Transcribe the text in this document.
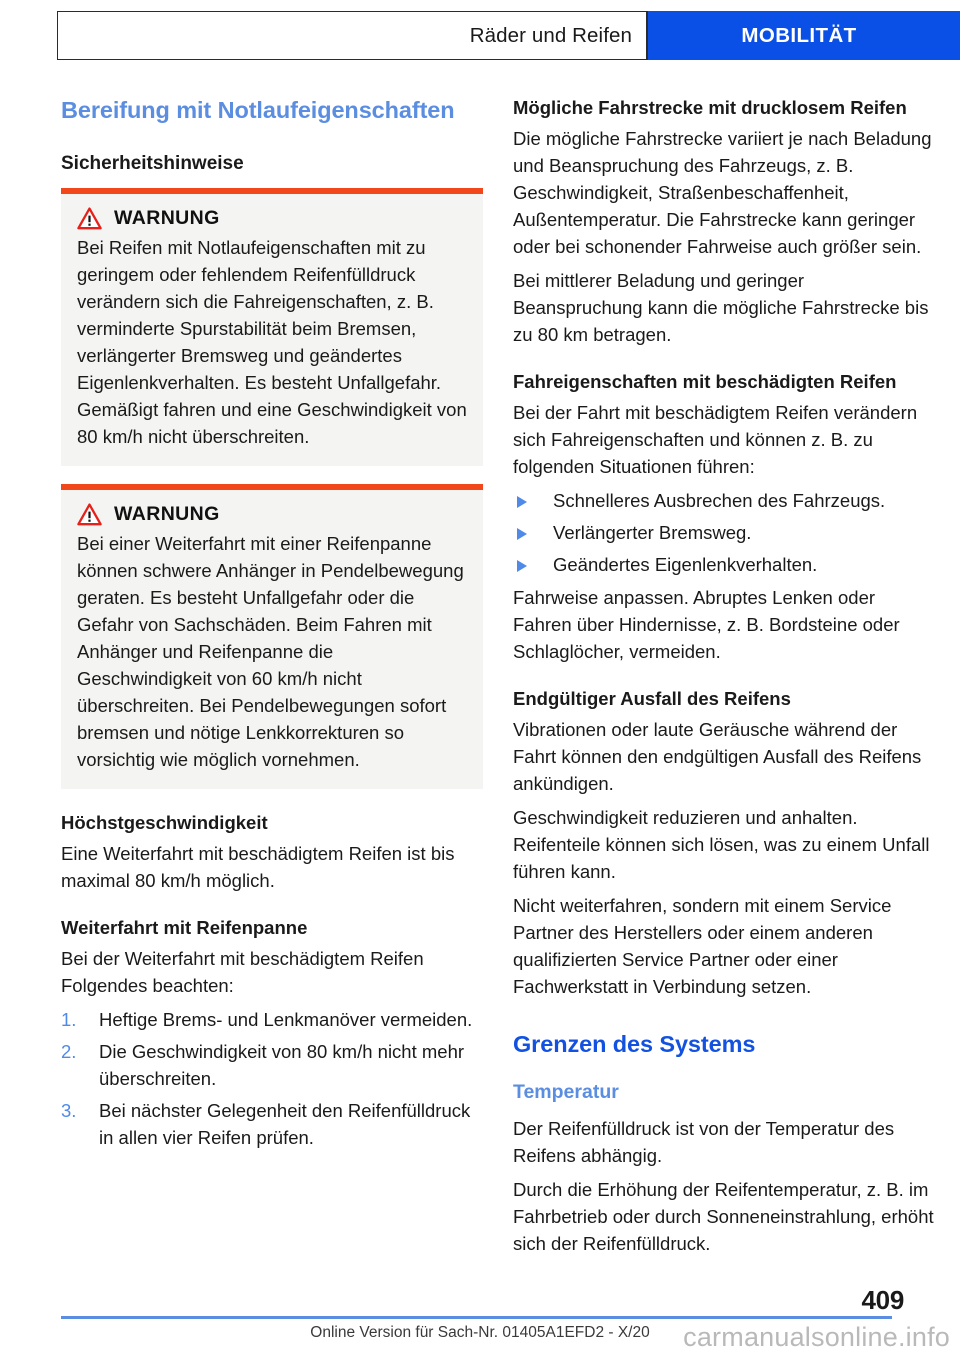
Räder und Reifen	MOBILITÄT
Bereifung mit Notlaufeigenschaften
Sicherheitshinweise
WARNUNG

Bei Reifen mit Notlaufeigenschaften mit zu geringem oder fehlendem Reifenfülldruck verändern sich die Fahreigenschaften, z. B. verminderte Spurstabilität beim Bremsen, verlängerter Bremsweg und geändertes Eigenlenkverhalten. Es besteht Unfallgefahr. Gemäßigt fahren und eine Geschwindigkeit von 80 km/h nicht überschreiten.

WARNUNG

Bei einer Weiterfahrt mit einer Reifenpanne können schwere Anhänger in Pendelbewegung geraten. Es besteht Unfallgefahr oder die Gefahr von Sachschäden. Beim Fahren mit Anhänger und Reifenpanne die Geschwindigkeit von 60 km/h nicht überschreiten. Bei Pendelbewegungen sofort bremsen und nötige Lenkkorrekturen so vorsichtig wie möglich vornehmen.

Höchstgeschwindigkeit

Eine Weiterfahrt mit beschädigtem Reifen ist bis maximal 80 km/h möglich.

Weiterfahrt mit Reifenpanne

Bei der Weiterfahrt mit beschädigtem Reifen Folgendes beachten:

Heftige Brems- und Lenkmanöver vermeiden.
Die Geschwindigkeit von 80 km/h nicht mehr überschreiten.
Bei nächster Gelegenheit den Reifenfülldruck in allen vier Reifen prüfen.
Mögliche Fahrstrecke mit drucklosem Reifen

Die mögliche Fahrstrecke variiert je nach Beladung und Beanspruchung des Fahrzeugs, z. B. Geschwindigkeit, Straßenbeschaffenheit, Außentemperatur. Die Fahrstrecke kann geringer oder bei schonender Fahrweise auch größer sein.

Bei mittlerer Beladung und geringer Beanspruchung kann die mögliche Fahrstrecke bis zu 80 km betragen.

Fahreigenschaften mit beschädigten Reifen

Bei der Fahrt mit beschädigtem Reifen verändern sich Fahreigenschaften und können z. B. zu folgenden Situationen führen:

Schnelleres Ausbrechen des Fahrzeugs.
Verlängerter Bremsweg.
Geändertes Eigenlenkverhalten.

Fahrweise anpassen. Abruptes Lenken oder Fahren über Hindernisse, z. B. Bordsteine oder Schlaglöcher, vermeiden.

Endgültiger Ausfall des Reifens

Vibrationen oder laute Geräusche während der Fahrt können den endgültigen Ausfall des Reifens ankündigen.

Geschwindigkeit reduzieren und anhalten. Reifenteile können sich lösen, was zu einem Unfall führen kann.

Nicht weiterfahren, sondern mit einem Service Partner des Herstellers oder einem anderen qualifizierten Service Partner oder einer Fachwerkstatt in Verbindung setzen.

Grenzen des Systems
Temperatur

Der Reifenfülldruck ist von der Temperatur des Reifens abhängig.

Durch die Erhöhung der Reifentemperatur, z. B. im Fahrbetrieb oder durch Sonneneinstrahlung, erhöht sich der Reifenfülldruck.

409
Online Version für Sach-Nr. 01405A1EFD2 - X/20	carmanualsonline.info
